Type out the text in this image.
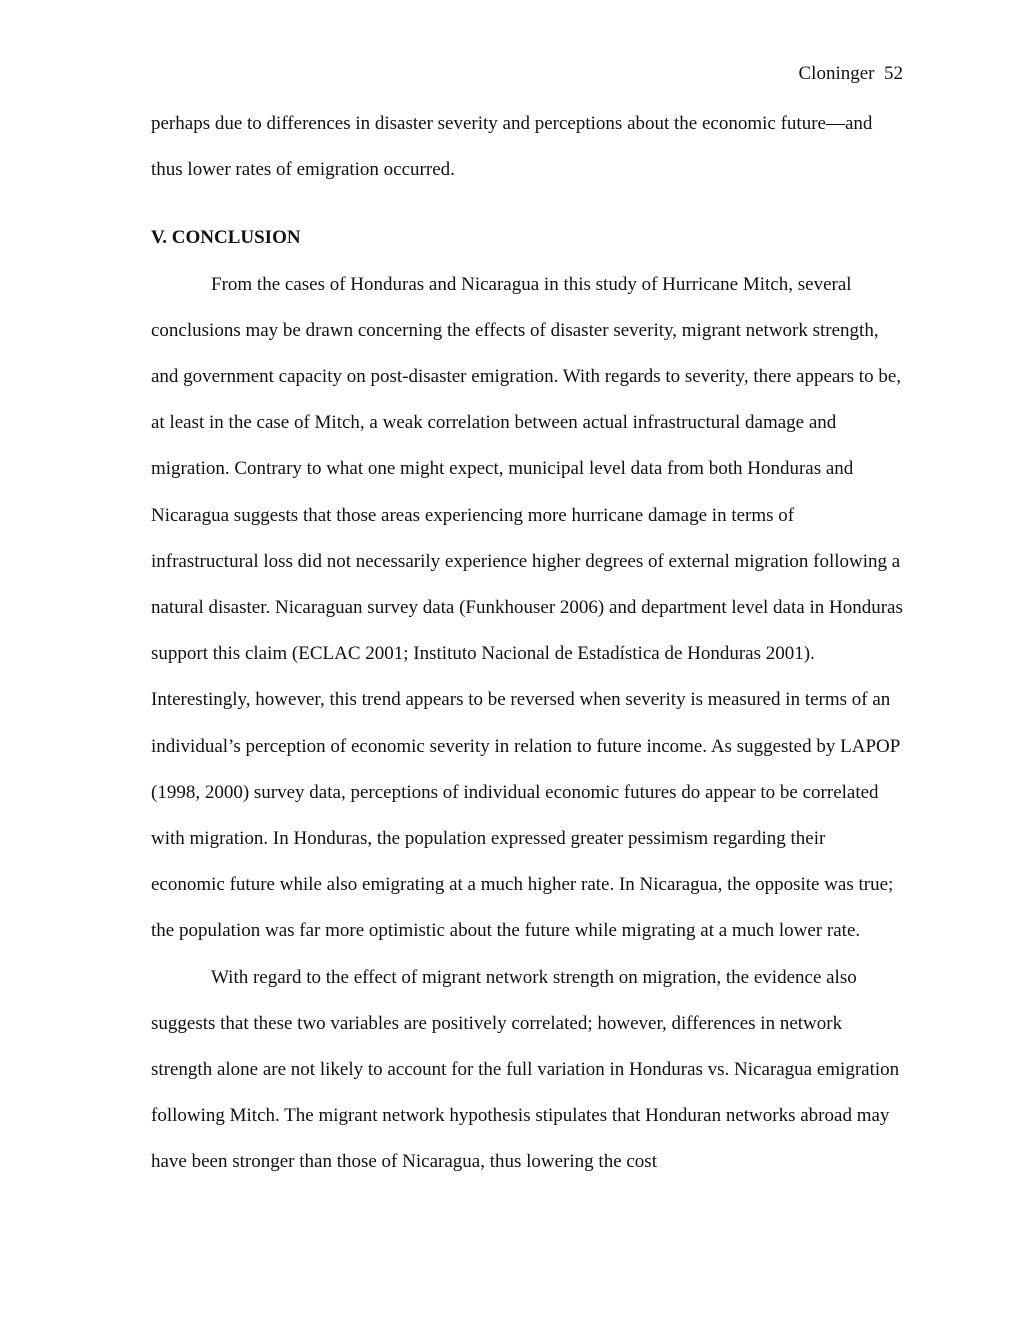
Cloninger 52

perhaps due to differences in disaster severity and perceptions about the economic future—and thus lower rates of emigration occurred.

V. CONCLUSION

From the cases of Honduras and Nicaragua in this study of Hurricane Mitch, several conclusions may be drawn concerning the effects of disaster severity, migrant network strength, and government capacity on post-disaster emigration. With regards to severity, there appears to be, at least in the case of Mitch, a weak correlation between actual infrastructural damage and migration. Contrary to what one might expect, municipal level data from both Honduras and Nicaragua suggests that those areas experiencing more hurricane damage in terms of infrastructural loss did not necessarily experience higher degrees of external migration following a natural disaster. Nicaraguan survey data (Funkhouser 2006) and department level data in Honduras support this claim (ECLAC 2001; Instituto Nacional de Estadística de Honduras 2001). Interestingly, however, this trend appears to be reversed when severity is measured in terms of an individual’s perception of economic severity in relation to future income. As suggested by LAPOP (1998, 2000) survey data, perceptions of individual economic futures do appear to be correlated with migration. In Honduras, the population expressed greater pessimism regarding their economic future while also emigrating at a much higher rate. In Nicaragua, the opposite was true; the population was far more optimistic about the future while migrating at a much lower rate.

With regard to the effect of migrant network strength on migration, the evidence also suggests that these two variables are positively correlated; however, differences in network strength alone are not likely to account for the full variation in Honduras vs. Nicaragua emigration following Mitch. The migrant network hypothesis stipulates that Honduran networks abroad may have been stronger than those of Nicaragua, thus lowering the cost
